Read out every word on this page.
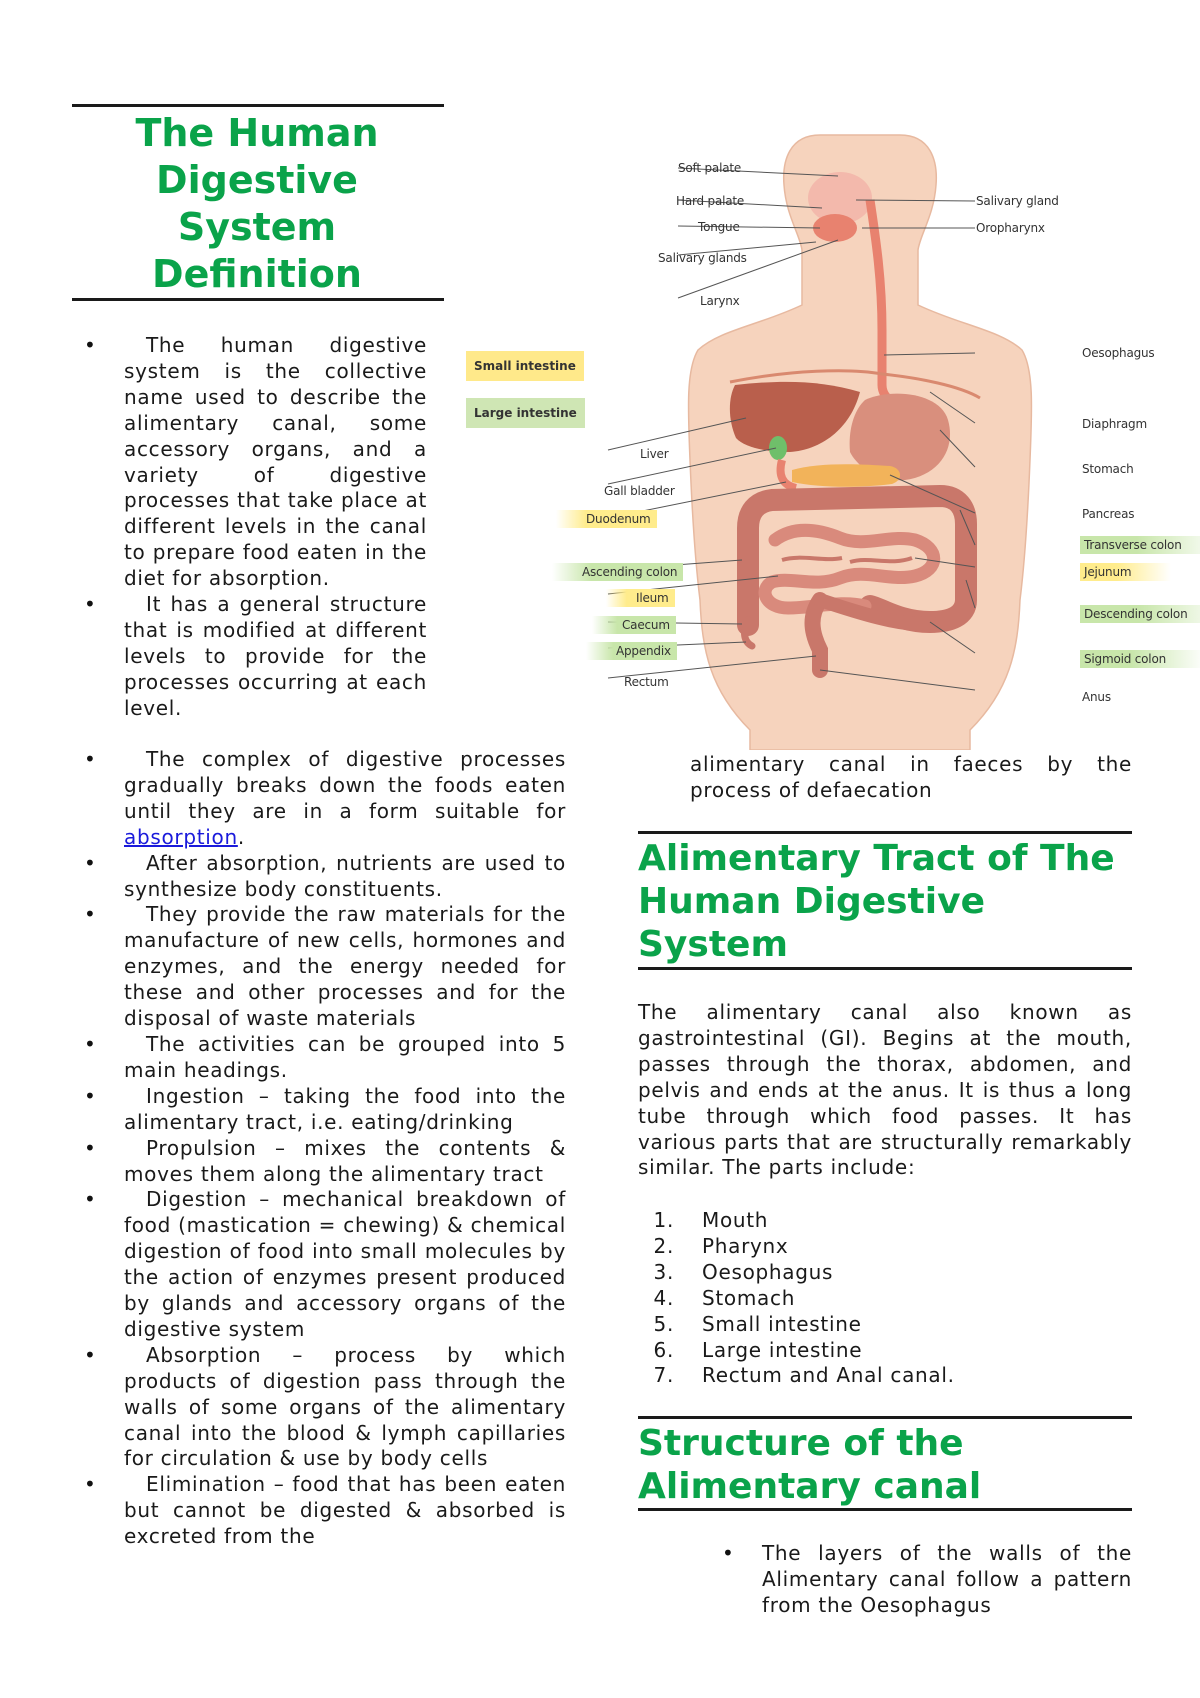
The Human
Digestive
System
Definition
• The human digestive system is the collective name used to describe the alimentary canal, some accessory organs, and a variety of digestive processes that take place at different levels in the canal to prepare food eaten in the diet for absorption.
• It has a general structure that is modified at different levels to provide for the processes occurring at each level.
• The complex of digestive processes gradually breaks down the foods eaten until they are in a form suitable for absorption.
• After absorption, nutrients are used to synthesize body constituents.
• They provide the raw materials for the manufacture of new cells, hormones and enzymes, and the energy needed for these and other processes and for the disposal of waste materials
• The activities can be grouped into 5 main headings.
• Ingestion – taking the food into the alimentary tract, i.e. eating/drinking
• Propulsion – mixes the contents & moves them along the alimentary tract
• Digestion – mechanical breakdown of food (mastication = chewing) & chemical digestion of food into small molecules by the action of enzymes present produced by glands and accessory organs of the digestive system
• Absorption – process by which products of digestion pass through the walls of some organs of the alimentary canal into the blood & lymph capillaries for circulation & use by body cells
• Elimination – food that has been eaten but cannot be digested & absorbed is excreted from the
Small intestine
Large intestine
Soft palate
Hard palate
Tongue
Salivary glands
Larynx
Liver
Gall bladder
Duodenum
Ascending colon
Ileum
Caecum
Appendix
Rectum
Salivary gland
Oropharynx
Oesophagus
Diaphragm
Stomach
Pancreas
Transverse colon
Jejunum
Descending colon
Sigmoid colon
Anus

alimentary canal in faeces by the process of defaecation

Alimentary Tract of The Human Digestive System

The alimentary canal also known as gastrointestinal (GI). Begins at the mouth, passes through the thorax, abdomen, and pelvis and ends at the anus. It is thus a long tube through which food passes. It has various parts that are structurally remarkably similar. The parts include:

1. Mouth
2. Pharynx
3. Oesophagus
4. Stomach
5. Small intestine
6. Large intestine
7. Rectum and Anal canal.
Structure of the Alimentary canal
• The layers of the walls of the Alimentary canal follow a pattern from the Oesophagus
